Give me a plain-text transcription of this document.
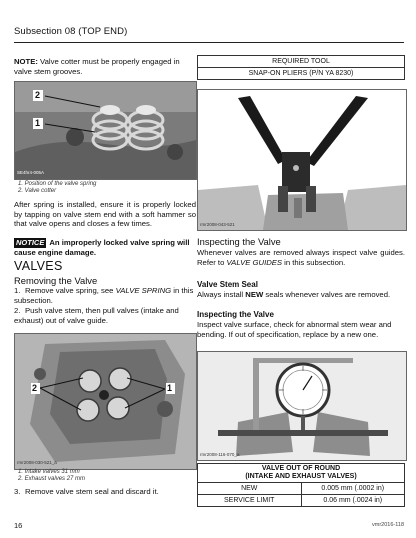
Subsection 08 (TOP END)
NOTE: Valve cotter must be properly engaged in valve stem grooves.
2
1
SE4hr4-005A
1. Position of the valve spring
2. Valve cotter
After spring is installed, ensure it is properly locked by tapping on valve stem end with a soft hammer so that valve opens and closes a few times.
NOTICE An improperly locked valve spring will cause engine damage.
VALVES
Removing the Valve
1. Remove valve spring, see VALVE SPRING in this subsection.
2. Push valve stem, then pull valves (intake and exhaust) out of valve guide.
2	1
rmr2008-030-521_a
1. Intake valves 31 mm
2. Exhaust valves 27 mm
3. Remove valve stem seal and discard it.
REQUIRED TOOL
SNAP-ON PLIERS (P/N YA 8230)
rmr2008-043-521
Inspecting the Valve
Whenever valves are removed always inspect valve guides. Refer to VALVE GUIDES in this subsection.
Valve Stem Seal
Always install NEW seals whenever valves are removed.
Inspecting the Valve
Inspect valve surface, check for abnormal stem wear and bending. If out of specification, replace by a new one.
rmr2008-116-070_a
VALVE OUT OF ROUND
(INTAKE AND EXHAUST VALVES)	

NEW	0.005 mm (.0002 in)
SERVICE LIMIT	0.06 mm (.0024 in)
16	vmr2016-118
